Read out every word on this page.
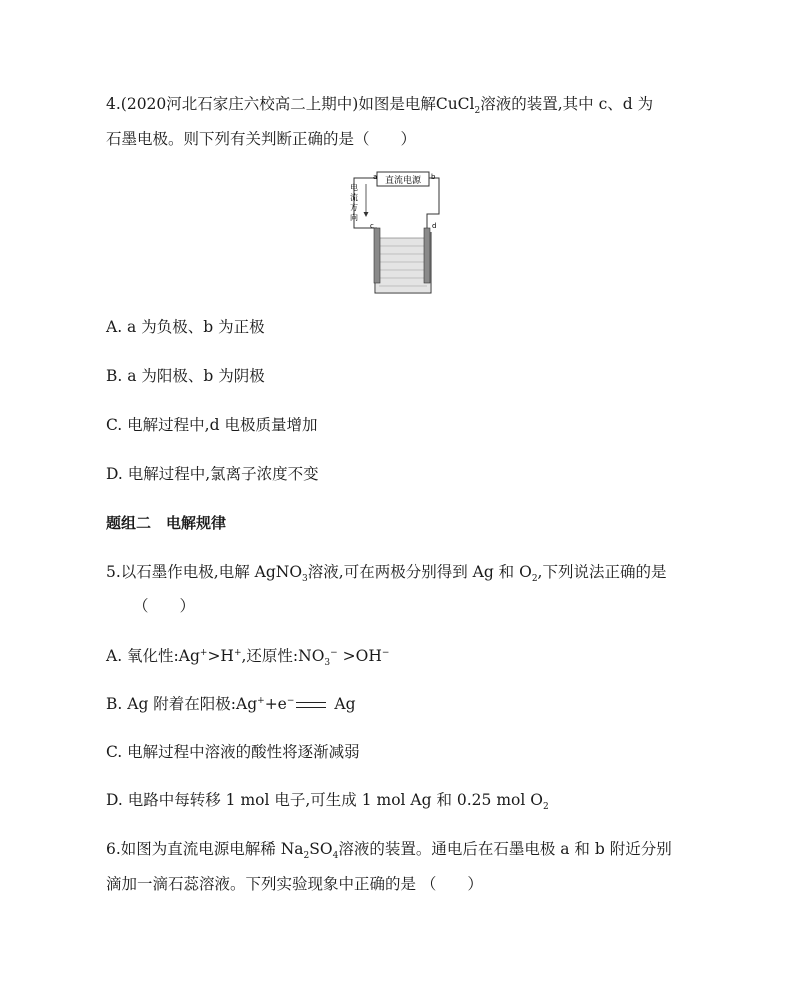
4.(2020河北石家庄六校高二上期中)如图是电解CuCl$_2$溶液的装置,其中 c、d 为
石墨电极。则下列有关判断正确的是（　　）
直流电源
a	b
电
流
方
向
c	d
A. a 为负极、b 为正极
B. a 为阳极、b 为阴极
C. 电解过程中,d 电极质量增加
D. 电解过程中,氯离子浓度不变
题组二　电解规律
5.以石墨作电极,电解 AgNO$_3$溶液,可在两极分别得到 Ag 和 $O_2$,下列说法正确的是
（　　）
A. 氧化性:Ag+>H+,还原性$:NO_3^- >OH^-$
B. Ag 附着在阳极:Ag++e−	Ag
C. 电解过程中溶液的酸性将逐渐减弱
D. 电路中每转移 1 mol 电子,可生成 1 mol Ag 和 0.25 mol $O_2$
6.如图为直流电源电解稀 $Na_2SO_4$溶液的装置。通电后在石墨电极 a 和 b 附近分别
滴加一滴石蕊溶液。下列实验现象中正确的是 （　　）
